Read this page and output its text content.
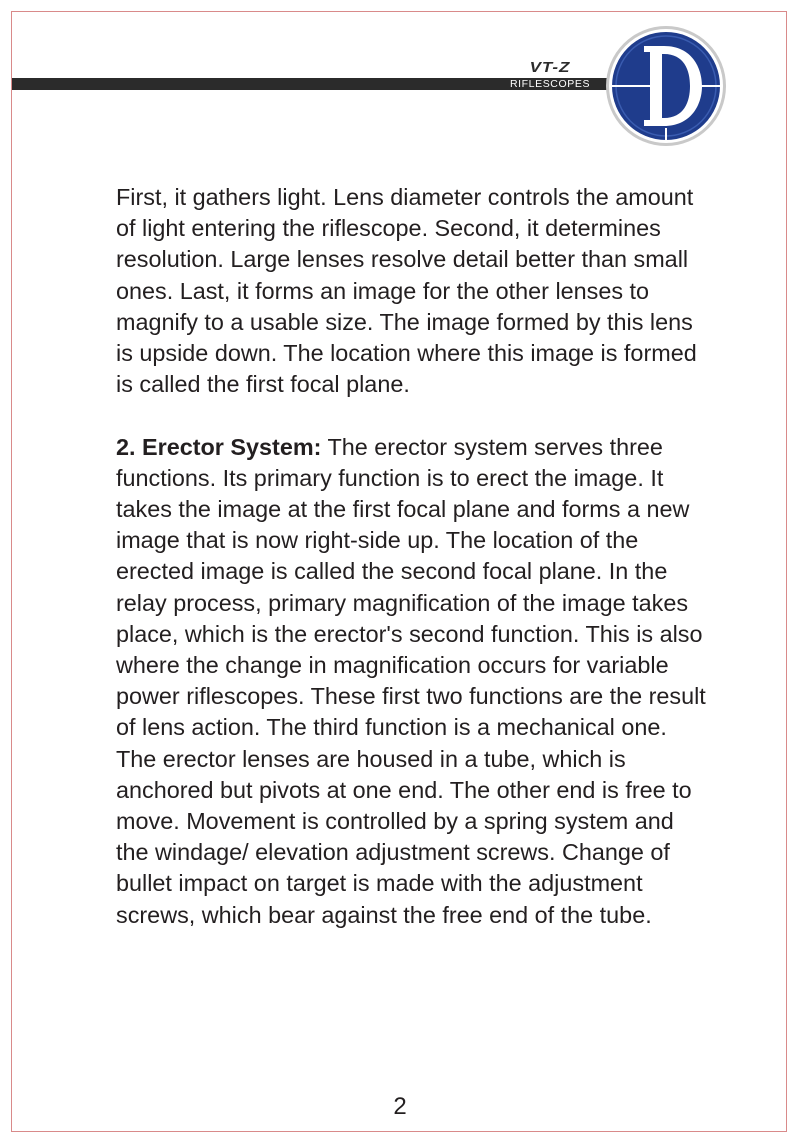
VT-Z
RIFLESCOPES

First, it gathers light. Lens diameter controls the amount of light entering the riflescope. Second, it determines resolution. Large lenses resolve detail better than small ones. Last, it forms an image for the other lenses to magnify to a usable size. The image formed by this lens is upside down. The location where this image is formed is called the first focal plane.

2. Erector System: The erector system serves three functions. Its primary function is to erect the image. It takes the image at the first focal plane and forms a new image that is now right-side up. The location of the erected image is called the second focal plane. In the relay process, primary magnification of the image takes place, which is the erector's second function. This is also where the change in magnification occurs for variable power riflescopes. These first two functions are the result of lens action. The third function is a mechanical one. The erector lenses are housed in a tube, which is anchored but pivots at one end. The other end is free to move. Movement is controlled by a spring system and the windage/ elevation adjustment screws. Change of bullet impact on target is made with the adjustment screws, which bear against the free end of the tube.

2
